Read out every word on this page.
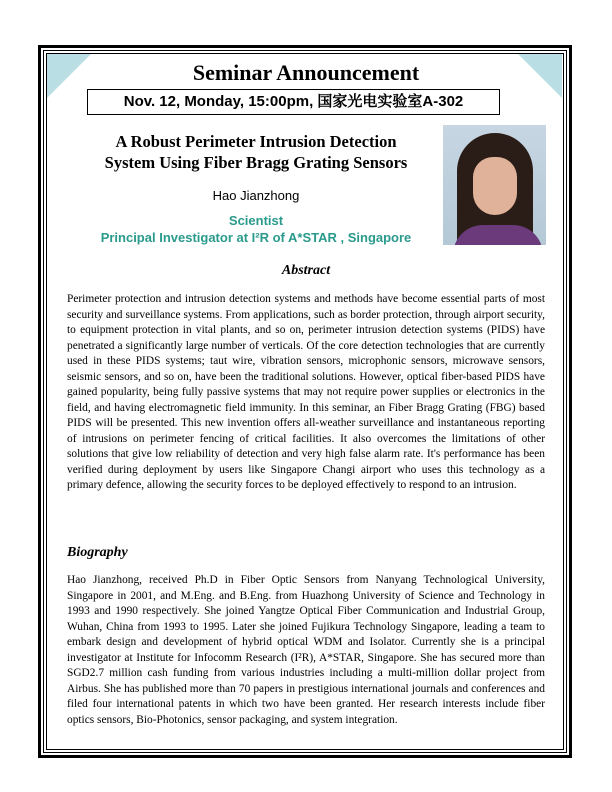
Seminar Announcement
Nov. 12, Monday, 15:00pm, 国家光电实验室A-302
A Robust Perimeter Intrusion Detection
System Using Fiber Bragg Grating Sensors
Hao Jianzhong
Scientist
Principal Investigator at I²R of A*STAR , Singapore
Abstract
Perimeter protection and intrusion detection systems and methods have become essential parts of most security and surveillance systems. From applications, such as border protection, through airport security, to equipment protection in vital plants, and so on, perimeter intrusion detection systems (PIDS) have penetrated a significantly large number of verticals. Of the core detection technologies that are currently used in these PIDS systems; taut wire, vibration sensors, microphonic sensors, microwave sensors, seismic sensors, and so on, have been the traditional solutions. However, optical fiber-based PIDS have gained popularity, being fully passive systems that may not require power supplies or electronics in the field, and having electromagnetic field immunity. In this seminar, an Fiber Bragg Grating (FBG) based PIDS will be presented. This new invention offers all-weather surveillance and instantaneous reporting of intrusions on perimeter fencing of critical facilities. It also overcomes the limitations of other solutions that give low reliability of detection and very high false alarm rate. It's performance has been verified during deployment by users like Singapore Changi airport who uses this technology as a primary defence, allowing the security forces to be deployed effectively to respond to an intrusion.
Biography
Hao Jianzhong, received Ph.D in Fiber Optic Sensors from Nanyang Technological University, Singapore in 2001, and M.Eng. and B.Eng. from Huazhong University of Science and Technology in 1993 and 1990 respectively. She joined Yangtze Optical Fiber Communication and Industrial Group, Wuhan, China from 1993 to 1995. Later she joined Fujikura Technology Singapore, leading a team to embark design and development of hybrid optical WDM and Isolator. Currently she is a principal investigator at Institute for Infocomm Research (I²R), A*STAR, Singapore. She has secured more than SGD2.7 million cash funding from various industries including a multi-million dollar project from Airbus. She has published more than 70 papers in prestigious international journals and conferences and filed four international patents in which two have been granted. Her research interests include fiber optics sensors, Bio-Photonics, sensor packaging, and system integration.
